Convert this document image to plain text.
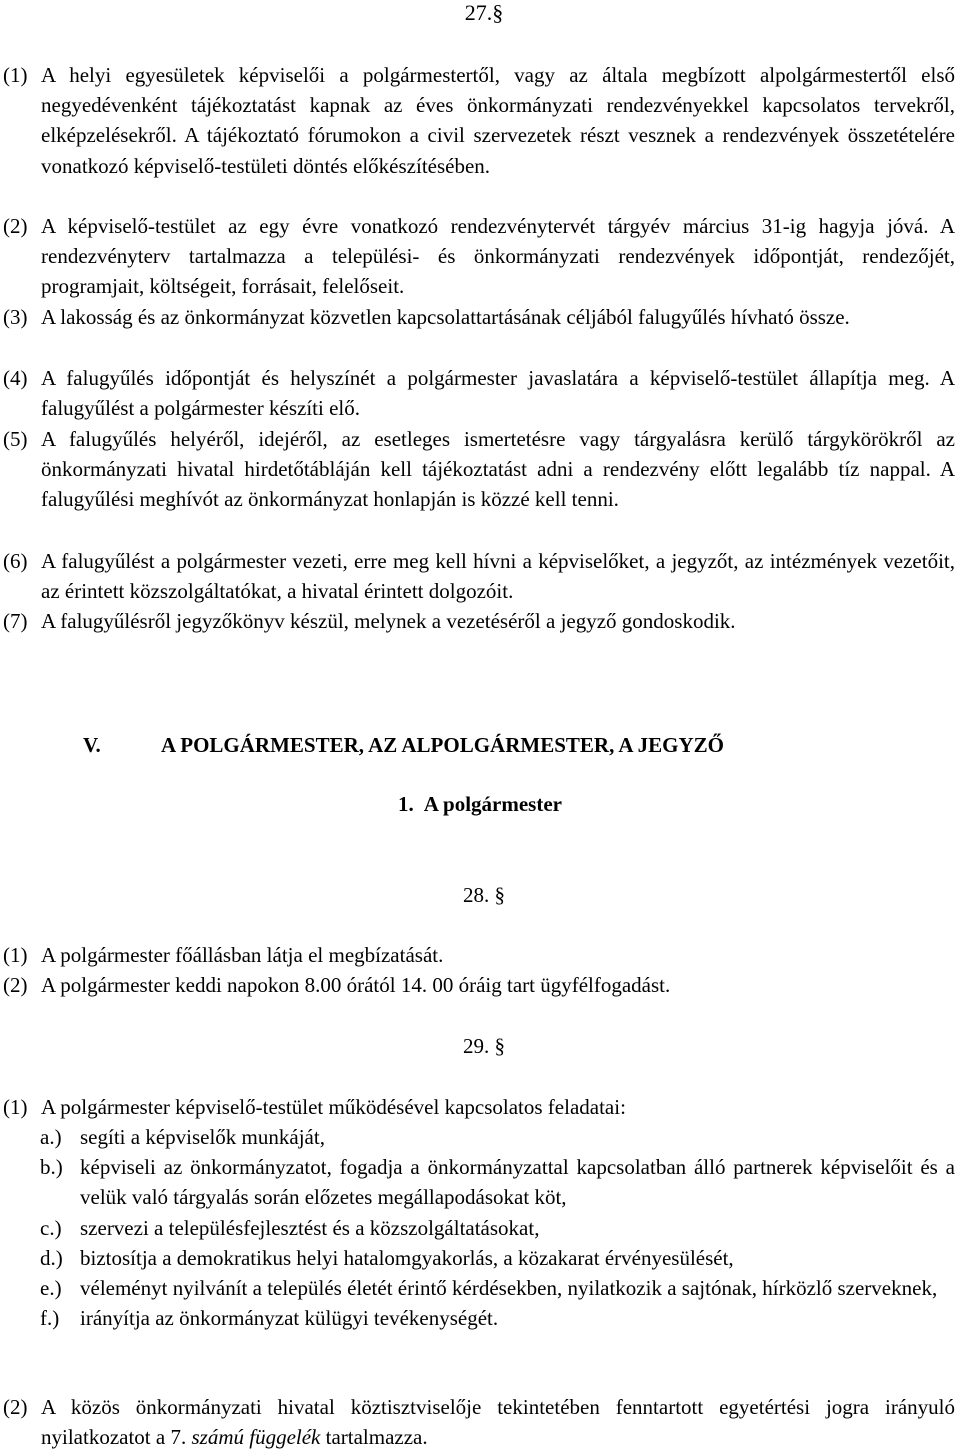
27.§
(1) A helyi egyesületek képviselői a polgármestertől, vagy az általa megbízott alpolgármestertől első negyedévenként tájékoztatást kapnak az éves önkormányzati rendezvényekkel kapcsolatos tervekről, elképzelésekről. A tájékoztató fórumokon a civil szervezetek részt vesznek a rendezvények összetételére vonatkozó képviselő-testületi döntés előkészítésében.
(2) A képviselő-testület az egy évre vonatkozó rendezvénytervét tárgyév március 31-ig hagyja jóvá. A rendezvényterv tartalmazza a települési- és önkormányzati rendezvények időpontját, rendezőjét, programjait, költségeit, forrásait, felelőseit.
(3) A lakosság és az önkormányzat közvetlen kapcsolattartásának céljából falugyűlés hívható össze.
(4) A falugyűlés időpontját és helyszínét a polgármester javaslatára a képviselő-testület állapítja meg. A falugyűlést a polgármester készíti elő.
(5) A falugyűlés helyéről, idejéről, az esetleges ismertetésre vagy tárgyalásra kerülő tárgykörökről az önkormányzati hivatal hirdetőtábláján kell tájékoztatást adni a rendezvény előtt legalább tíz nappal. A falugyűlési meghívót az önkormányzat honlapján is közzé kell tenni.
(6) A falugyűlést a polgármester vezeti, erre meg kell hívni a képviselőket, a jegyzőt, az intézmények vezetőit, az érintett közszolgáltatókat, a hivatal érintett dolgozóit.
(7) A falugyűlésről jegyzőkönyv készül, melynek a vezetéséről a jegyző gondoskodik.
V.	A POLGÁRMESTER, AZ ALPOLGÁRMESTER, A JEGYZŐ
1. A polgármester
28. §
(1) A polgármester főállásban látja el megbízatását.
(2) A polgármester keddi napokon 8.00 órától 14. 00 óráig tart ügyfélfogadást.
29. §
(1) A polgármester képviselő-testület működésével kapcsolatos feladatai:
a.) segíti a képviselők munkáját,
b.) képviseli az önkormányzatot, fogadja a önkormányzattal kapcsolatban álló partnerek képviselőit és a velük való tárgyalás során előzetes megállapodásokat köt,
c.) szervezi a településfejlesztést és a közszolgáltatásokat,
d.) biztosítja a demokratikus helyi hatalomgyakorlás, a közakarat érvényesülését,
e.) véleményt nyilvánít a település életét érintő kérdésekben, nyilatkozik a sajtónak, hírközlő szerveknek,
f.) irányítja az önkormányzat külügyi tevékenységét.
(2) A közös önkormányzati hivatal köztisztviselője tekintetében fenntartott egyetértési jogra irányuló nyilatkozatot a 7. számú függelék tartalmazza.
